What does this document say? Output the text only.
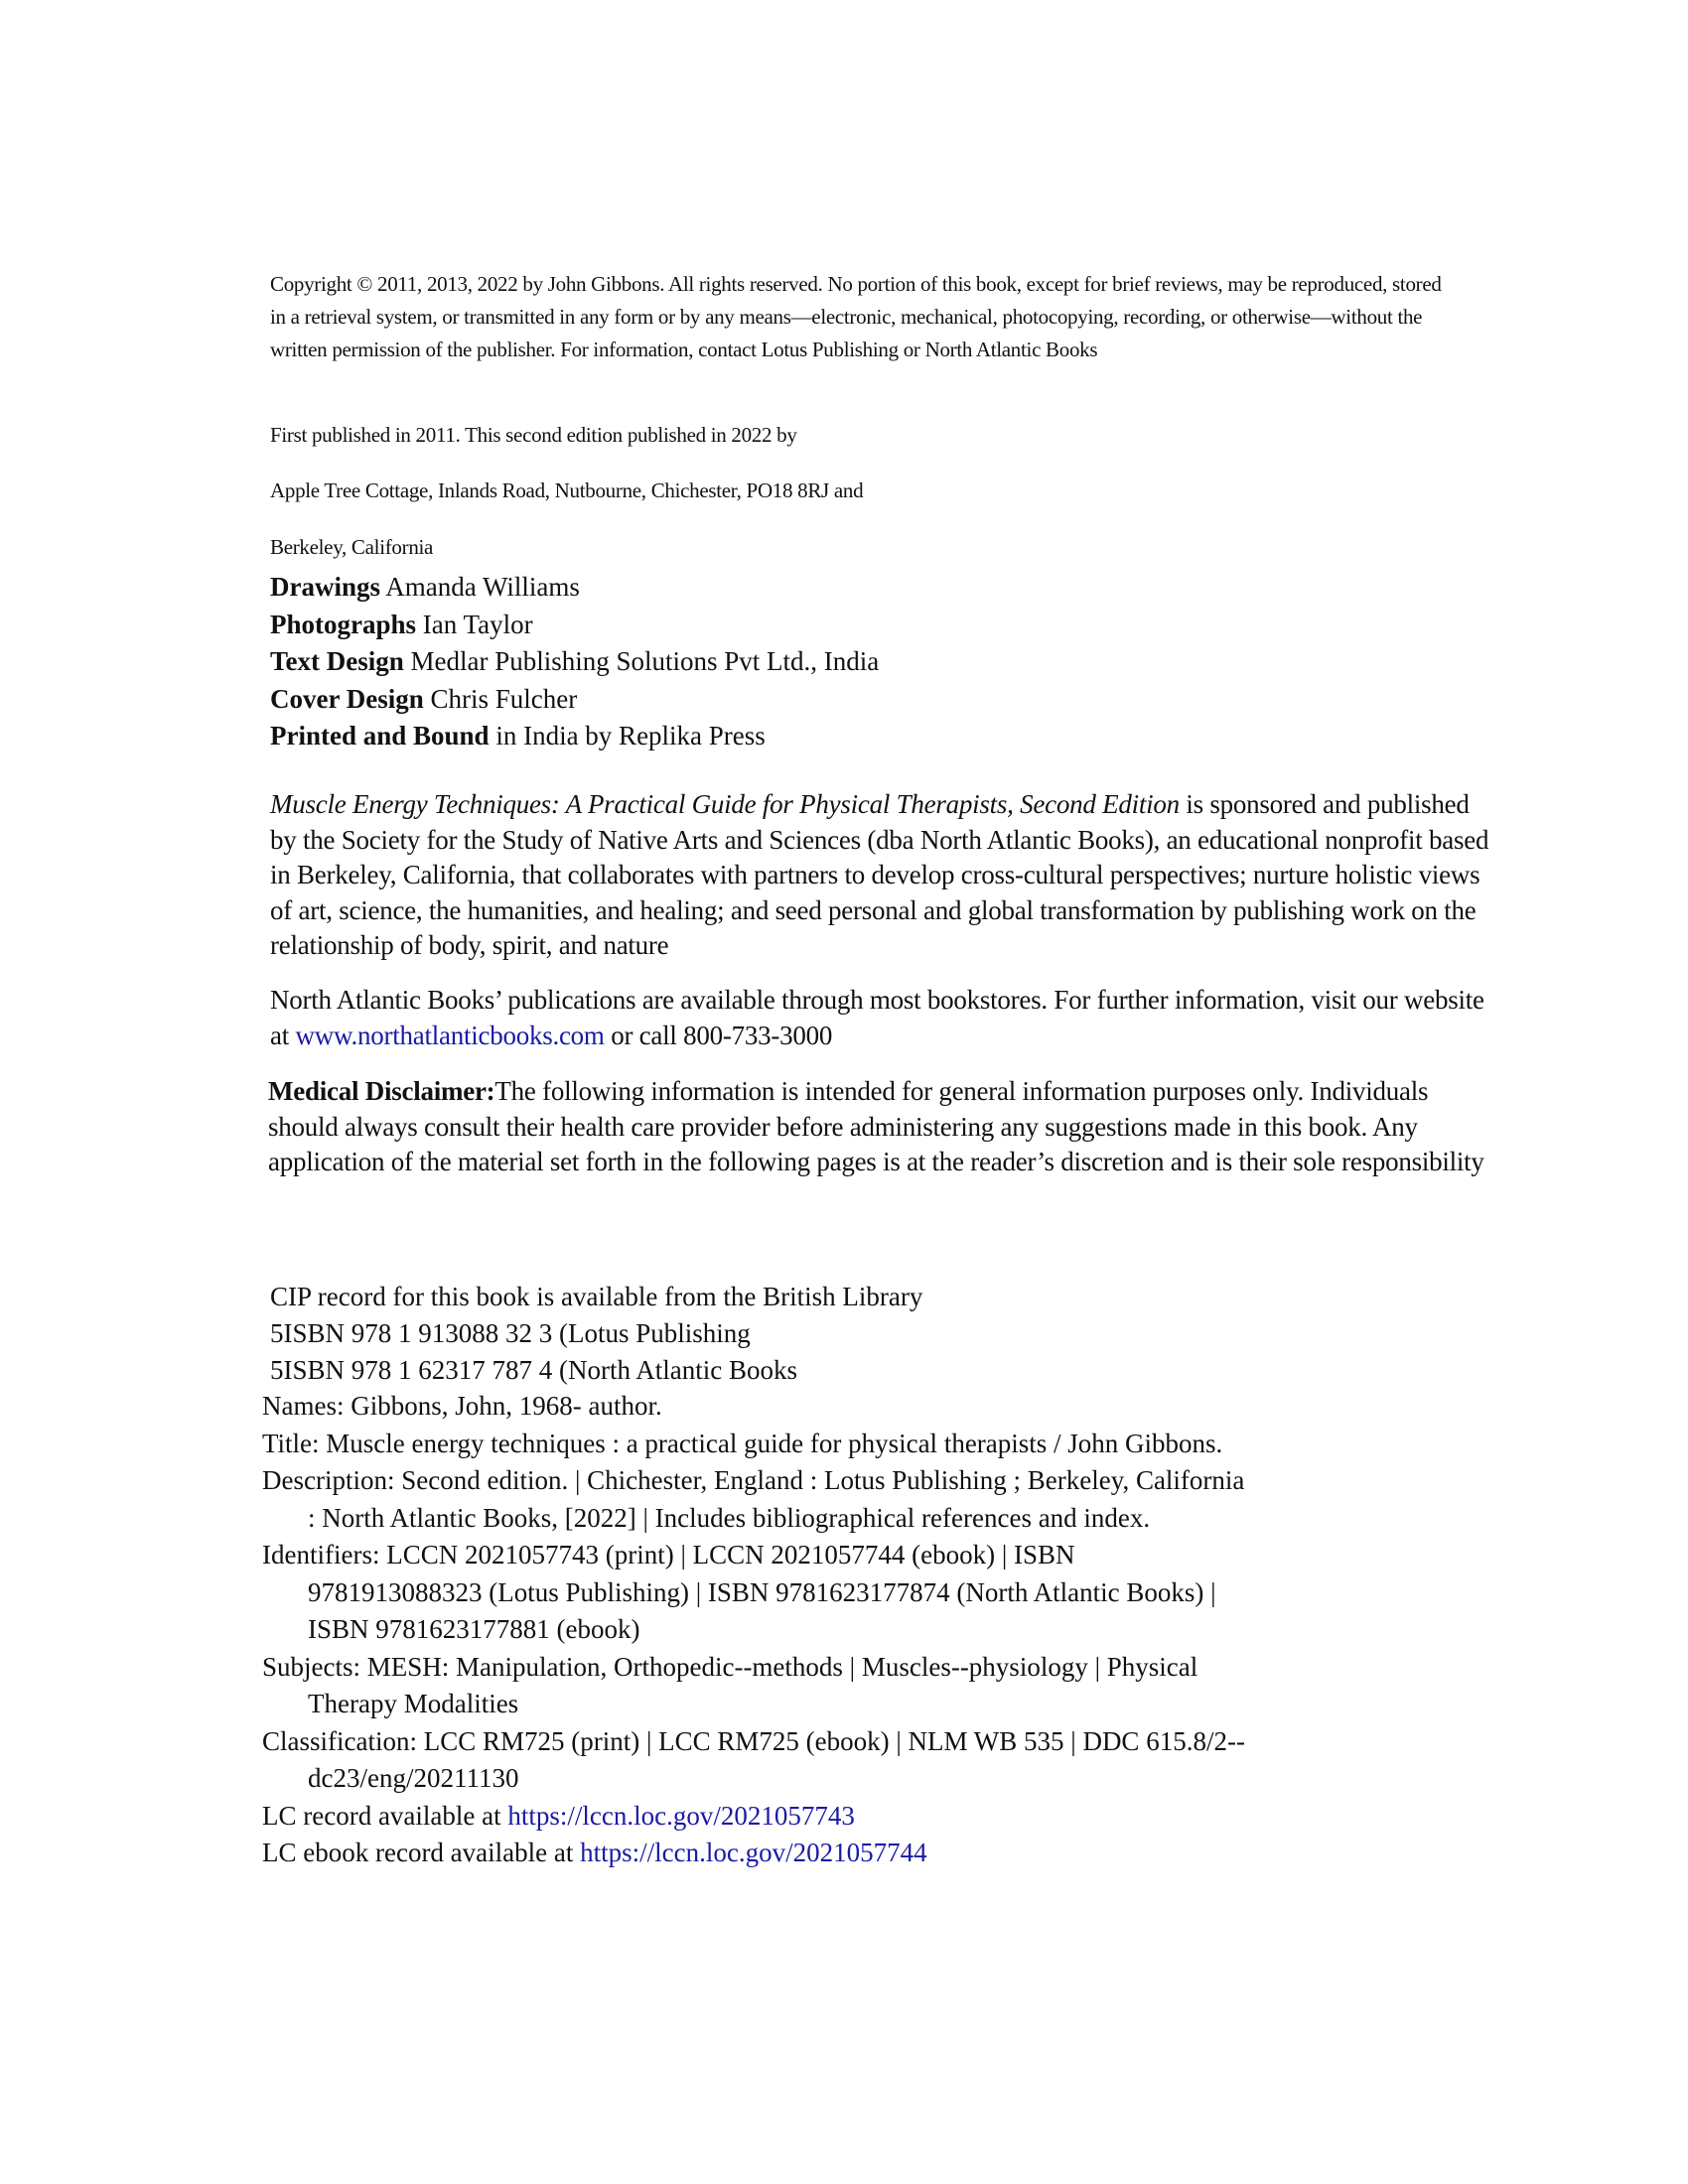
Copyright © 2011, 2013, 2022 by John Gibbons. All rights reserved. No portion of this book, except for brief reviews, may be reproduced, stored in a retrieval system, or transmitted in any form or by any means—electronic, mechanical, photocopying, recording, or otherwise—without the written permission of the publisher. For information, contact Lotus Publishing or North Atlantic Books

First published in 2011. This second edition published in 2022 by

Apple Tree Cottage, Inlands Road, Nutbourne, Chichester, PO18 8RJ and

Berkeley, California

Drawings Amanda Williams
Photographs Ian Taylor
Text Design Medlar Publishing Solutions Pvt Ltd., India
Cover Design Chris Fulcher
Printed and Bound in India by Replika Press

Muscle Energy Techniques: A Practical Guide for Physical Therapists, Second Edition is sponsored and published by the Society for the Study of Native Arts and Sciences (dba North Atlantic Books), an educational nonprofit based in Berkeley, California, that collaborates with partners to develop cross-cultural perspectives; nurture holistic views of art, science, the humanities, and healing; and seed personal and global transformation by publishing work on the relationship of body, spirit, and nature

North Atlantic Books’ publications are available through most bookstores. For further information, visit our website at www.northatlanticbooks.com or call 800-733-3000

Medical Disclaimer:The following information is intended for general information purposes only. Individuals should always consult their health care provider before administering any suggestions made in this book. Any application of the material set forth in the following pages is at the reader’s discretion and is their sole responsibility

CIP record for this book is available from the British Library
5ISBN 978 1 913088 32 3 (Lotus Publishing
5ISBN 978 1 62317 787 4 (North Atlantic Books
Names: Gibbons, John, 1968- author.
Title: Muscle energy techniques : a practical guide for physical therapists / John Gibbons.
Description: Second edition. | Chichester, England : Lotus Publishing ; Berkeley, California : North Atlantic Books, [2022] | Includes bibliographical references and index.
Identifiers: LCCN 2021057743 (print) | LCCN 2021057744 (ebook) | ISBN 9781913088323 (Lotus Publishing) | ISBN 9781623177874 (North Atlantic Books) | ISBN 9781623177881 (ebook)
Subjects: MESH: Manipulation, Orthopedic--methods | Muscles--physiology | Physical Therapy Modalities
Classification: LCC RM725 (print) | LCC RM725 (ebook) | NLM WB 535 | DDC 615.8/2--dc23/eng/20211130
LC record available at https://lccn.loc.gov/2021057743
LC ebook record available at https://lccn.loc.gov/2021057744
